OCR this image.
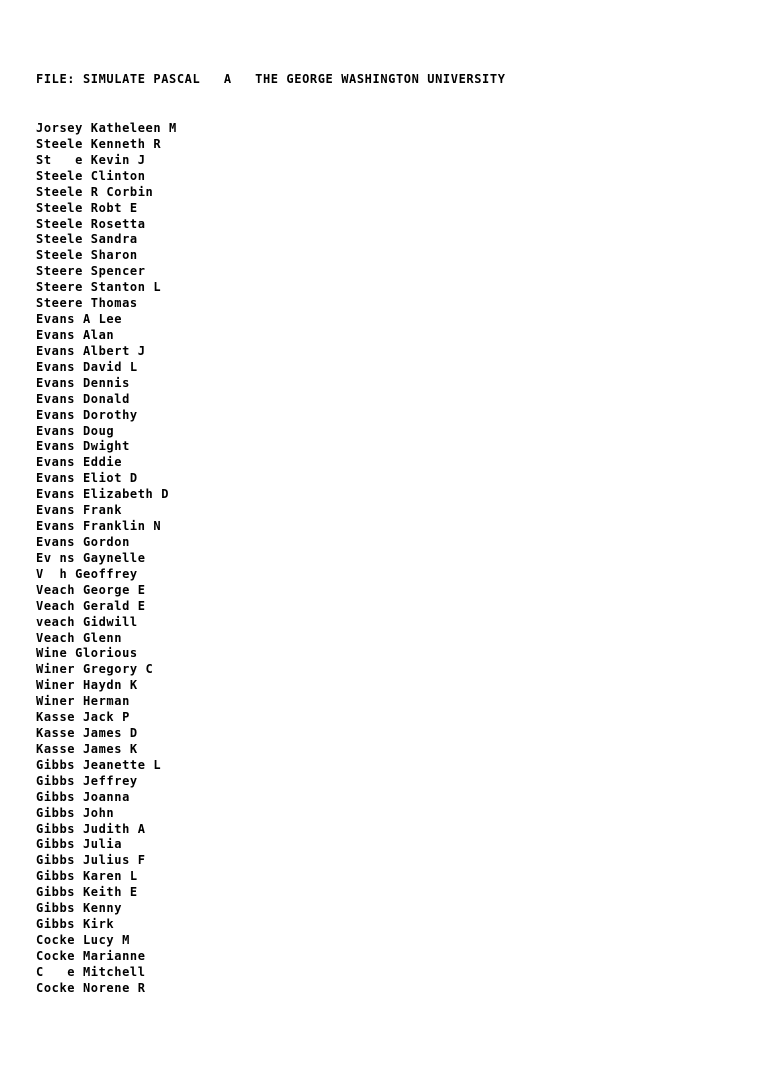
FILE: SIMULATE PASCAL A THE GEORGE WASHINGTON UNIVERSITY
Jorsey Katheleen M
Steele Kenneth R
St   e Kevin J
Steele Clinton
Steele R Corbin
Steele Robt E
Steele Rosetta
Steele Sandra
Steele Sharon
Steere Spencer
Steere Stanton L
Steere Thomas
Evans A Lee
Evans Alan
Evans Albert J
Evans David L
Evans Dennis
Evans Donald
Evans Dorothy
Evans Doug
Evans Dwight
Evans Eddie
Evans Eliot D
Evans Elizabeth D
Evans Frank
Evans Franklin N
Evans Gordon
Ev ns Gaynelle
V  h Geoffrey
Veach George E
Veach Gerald E
veach Gidwill
Veach Glenn
Wine Glorious
Winer Gregory C
Winer Haydn K
Winer Herman
Kasse Jack P
Kasse James D
Kasse James K
Gibbs Jeanette L
Gibbs Jeffrey
Gibbs Joanna
Gibbs John
Gibbs Judith A
Gibbs Julia
Gibbs Julius F
Gibbs Karen L
Gibbs Keith E
Gibbs Kenny
Gibbs Kirk
Cocke Lucy M
Cocke Marianne
C   e Mitchell
Cocke Norene R
